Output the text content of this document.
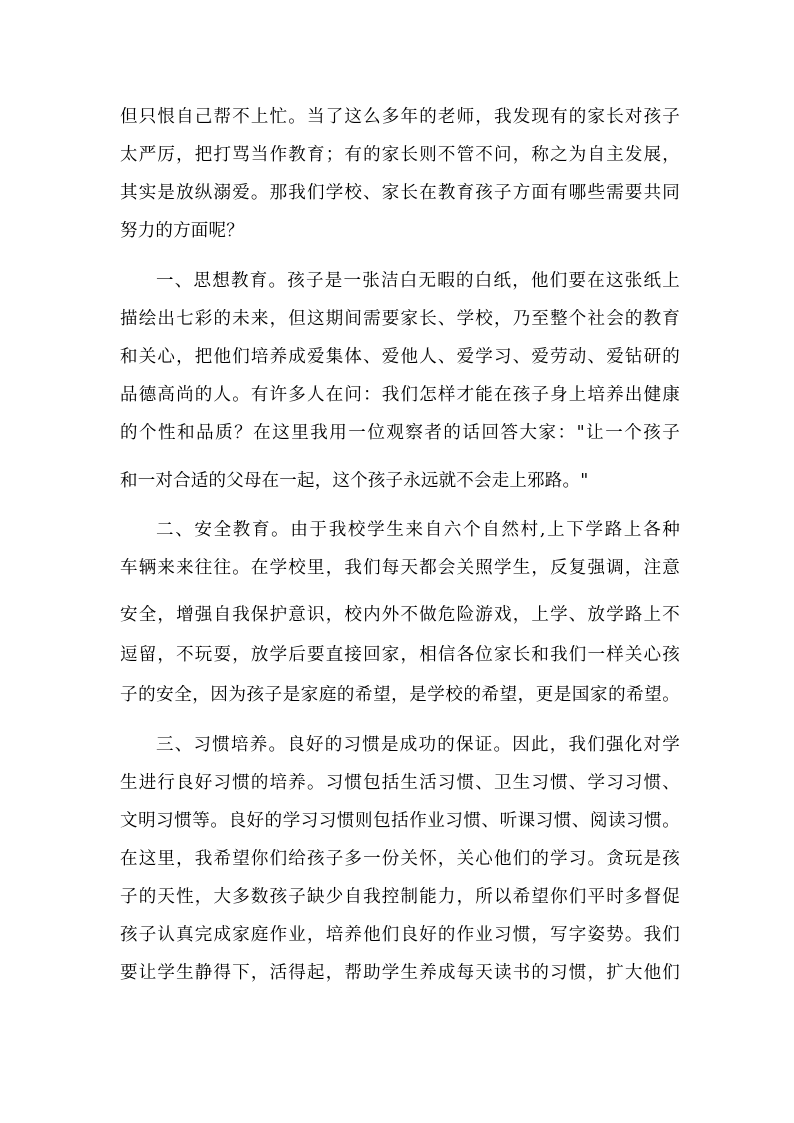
但只恨自己帮不上忙。当了这么多年的老师，我发现有的家长对孩子
太严厉，把打骂当作教育；有的家长则不管不问，称之为自主发展，
其实是放纵溺爱。那我们学校、家长在教育孩子方面有哪些需要共同
努力的方面呢？
一、思想教育。孩子是一张洁白无暇的白纸，他们要在这张纸上
描绘出七彩的未来，但这期间需要家长、学校，乃至整个社会的教育
和关心，把他们培养成爱集体、爱他人、爱学习、爱劳动、爱钻研的
品德高尚的人。有许多人在问：我们怎样才能在孩子身上培养出健康
的个性和品质？在这里我用一位观察者的话回答大家："让一个孩子
和一对合适的父母在一起，这个孩子永远就不会走上邪路。"
二、安全教育。由于我校学生来自六个自然村,上下学路上各种
车辆来来往往。在学校里，我们每天都会关照学生，反复强调，注意
安全，增强自我保护意识，校内外不做危险游戏，上学、放学路上不
逗留，不玩耍，放学后要直接回家，相信各位家长和我们一样关心孩
子的安全，因为孩子是家庭的希望，是学校的希望，更是国家的希望。
三、习惯培养。良好的习惯是成功的保证。因此，我们强化对学
生进行良好习惯的培养。习惯包括生活习惯、卫生习惯、学习习惯、
文明习惯等。良好的学习习惯则包括作业习惯、听课习惯、阅读习惯。
在这里，我希望你们给孩子多一份关怀，关心他们的学习。贪玩是孩
子的天性，大多数孩子缺少自我控制能力，所以希望你们平时多督促
孩子认真完成家庭作业，培养他们良好的作业习惯，写字姿势。我们
要让学生静得下，活得起，帮助学生养成每天读书的习惯，扩大他们
